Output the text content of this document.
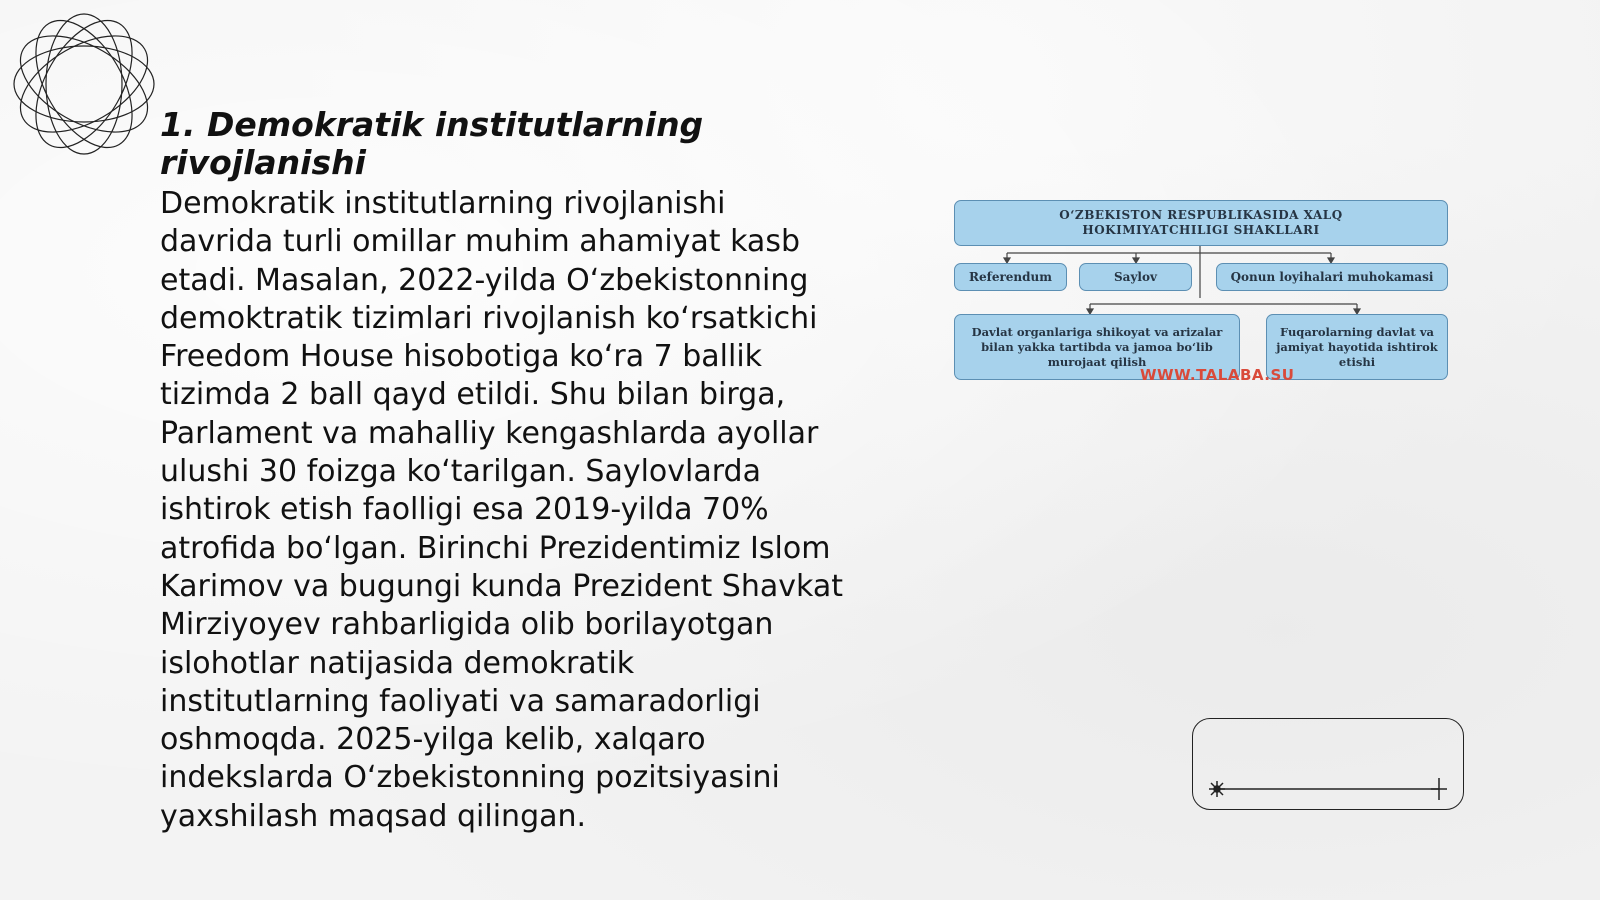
1. Demokratik institutlarning rivojlanishi

Demokratik institutlarning rivojlanishi davrida turli omillar muhim ahamiyat kasb etadi. Masalan, 2022-yilda O‘zbekistonning demoktratik tizimlari rivojlanish ko‘rsatkichi Freedom House hisobotiga ko‘ra 7 ballik tizimda 2 ball qayd etildi. Shu bilan birga, Parlament va mahalliy kengashlarda ayollar ulushi 30 foizga ko‘tarilgan. Saylovlarda ishtirok etish faolligi esa 2019-yilda 70% atrofida bo‘lgan. Birinchi Prezidentimiz Islom Karimov va bugungi kunda Prezident Shavkat Mirziyoyev rahbarligida olib borilayotgan islohotlar natijasida demokratik institutlarning faoliyati va samaradorligi oshmoqda. 2025-yilga kelib, xalqaro indekslarda O‘zbekistonning pozitsiyasini yaxshilash maqsad qilingan.

O‘ZBEKISTON RESPUBLIKASIDA XALQ
HOKIMIYATCHILIGI SHAKLLARI
Referendum	Saylov	Qonun loyihalari muhokamasi
Davlat organlariga shikoyat va arizalar bilan yakka tartibda va jamoa bo‘lib murojaat qilish
Fuqarolarning davlat va jamiyat hayotida ishtirok etishi
WWW.TALABA.SU
